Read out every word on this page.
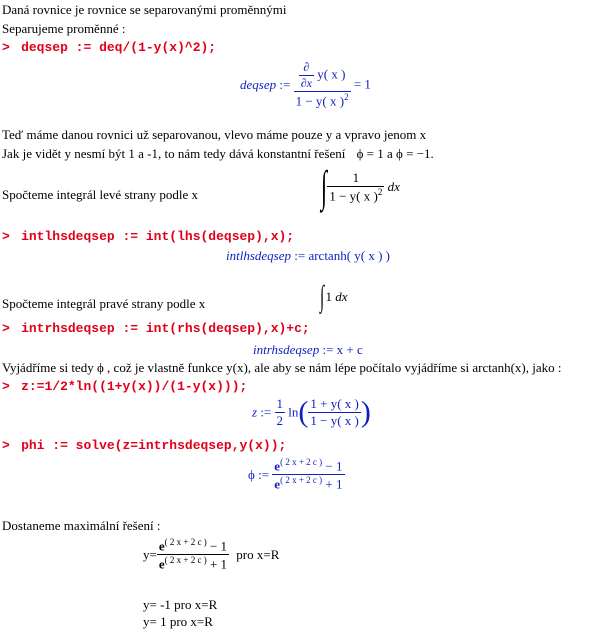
Daná rovnice je rovnice se separovanými proměnnými
Separujeme proměnné :
> deqsep := deq/(1-y(x)^2);
deqsep := $\frac{\frac{\partial}{\partial x} y( x )}{1 - y( x )^2} = 1$
Teď máme danou rovnici už separovanou, vlevo máme pouze y a vpravo jenom x
Jak je vidět y nesmí být 1 a -1, to nám tedy dává konstantní řešení ϕ = 1 a ϕ = −1.
Spočteme integrál levé strany podle x	∫ $\frac{1}{1 - y( x )^2}$ dx
> intlhsdeqsep := int(lhs(deqsep),x);
intlhsdeqsep := arctanh( y( x ) )
Spočteme integrál pravé strany podle x	∫ 1 dx
> intrhsdeqsep := int(rhs(deqsep),x)+c;
intrhsdeqsep := x + c
Vyjádříme si tedy ϕ , což je vlastně funkce y(x), ale aby se nám lépe počítalo vyjádříme si arctanh(x), jako :
> z:=1/2*ln((1+y(x))/(1-y(x)));
z := $\frac{1}{2} \ln( \frac{1 + y( x )}{1 - y( x )}$ )
> phi := solve(z=intrhsdeqsep,y(x));
ϕ := $\frac{e^{( 2 x + 2 c )} - 1}{e^{( 2 x + 2 c )} + 1}$
Dostaneme maximální řešení :
$y= \frac{e^{( 2 x + 2 c )} - 1}{e^{( 2 x + 2 c )} + 1}$ pro x=R
y= -1 pro x=R
y= 1 pro x=R
